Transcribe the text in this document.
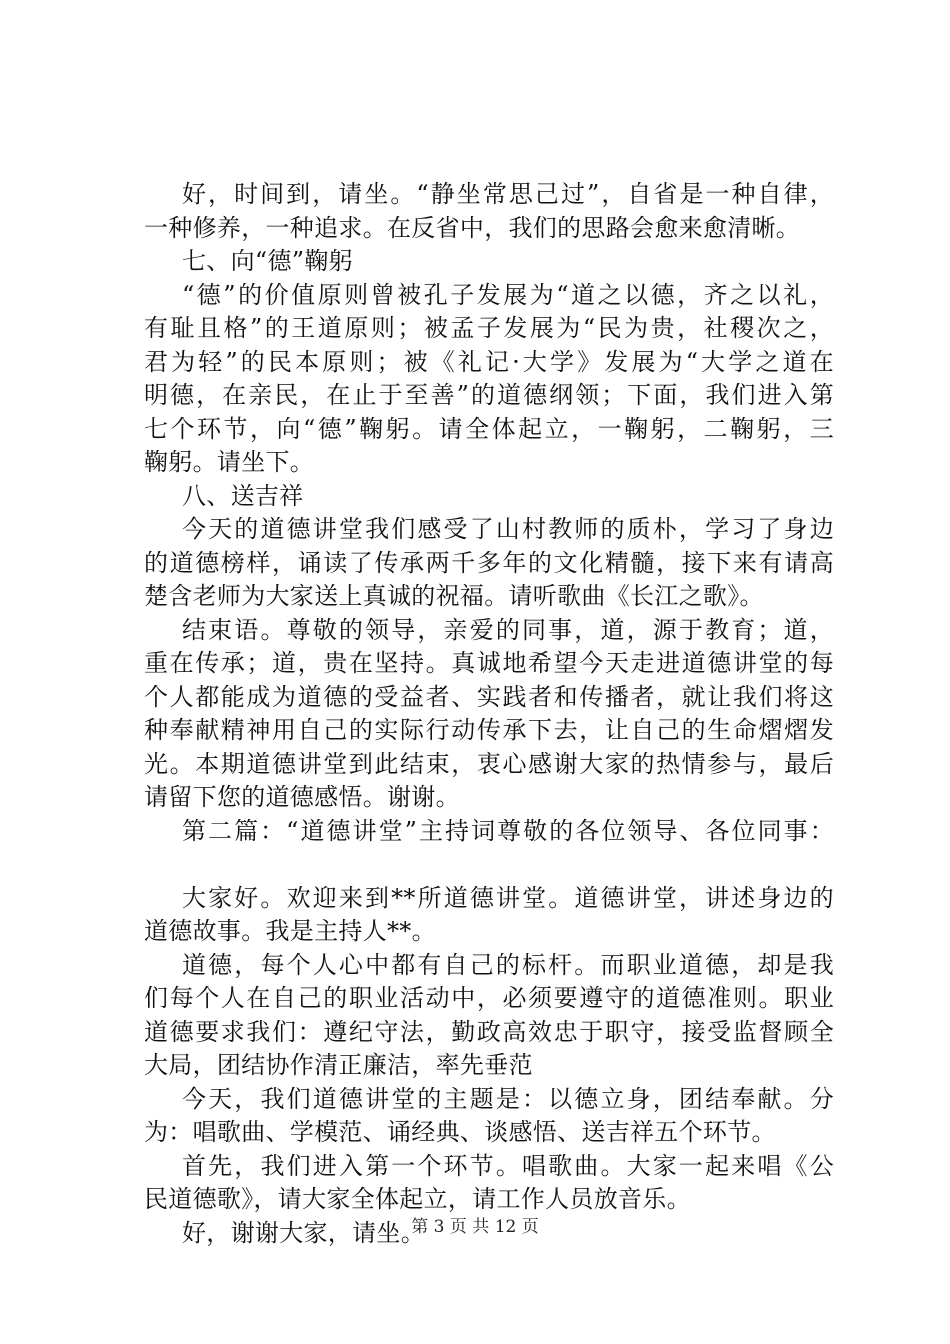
好，时间到，请坐。“静坐常思己过”，自省是一种自律，
一种修养，一种追求。在反省中，我们的思路会愈来愈清晰。
七、向“德”鞠躬
“德”的价值原则曾被孔子发展为“道之以德，齐之以礼，
有耻且格”的王道原则；被孟子发展为“民为贵，社稷次之，
君为轻”的民本原则；被《礼记·大学》发展为“大学之道在
明德，在亲民，在止于至善”的道德纲领；下面，我们进入第
七个环节，向“德”鞠躬。请全体起立，一鞠躬，二鞠躬，三
鞠躬。请坐下。
八、送吉祥
今天的道德讲堂我们感受了山村教师的质朴，学习了身边
的道德榜样，诵读了传承两千多年的文化精髓，接下来有请高
楚含老师为大家送上真诚的祝福。请听歌曲《长江之歌》。
结束语。尊敬的领导，亲爱的同事，道，源于教育；道，
重在传承；道，贵在坚持。真诚地希望今天走进道德讲堂的每
个人都能成为道德的受益者、实践者和传播者，就让我们将这
种奉献精神用自己的实际行动传承下去，让自己的生命熠熠发
光。本期道德讲堂到此结束，衷心感谢大家的热情参与，最后
请留下您的道德感悟。谢谢。
第二篇：“道德讲堂”主持词尊敬的各位领导、各位同事：
大家好。欢迎来到**所道德讲堂。道德讲堂，讲述身边的
道德故事。我是主持人**。
道德，每个人心中都有自己的标杆。而职业道德，却是我
们每个人在自己的职业活动中，必须要遵守的道德准则。职业
道德要求我们：遵纪守法，勤政高效忠于职守，接受监督顾全
大局，团结协作清正廉洁，率先垂范
今天，我们道德讲堂的主题是：以德立身，团结奉献。分
为：唱歌曲、学模范、诵经典、谈感悟、送吉祥五个环节。
首先，我们进入第一个环节。唱歌曲。大家一起来唱《公
民道德歌》，请大家全体起立，请工作人员放音乐。
好，谢谢大家，请坐。
第 3 页 共 12 页
